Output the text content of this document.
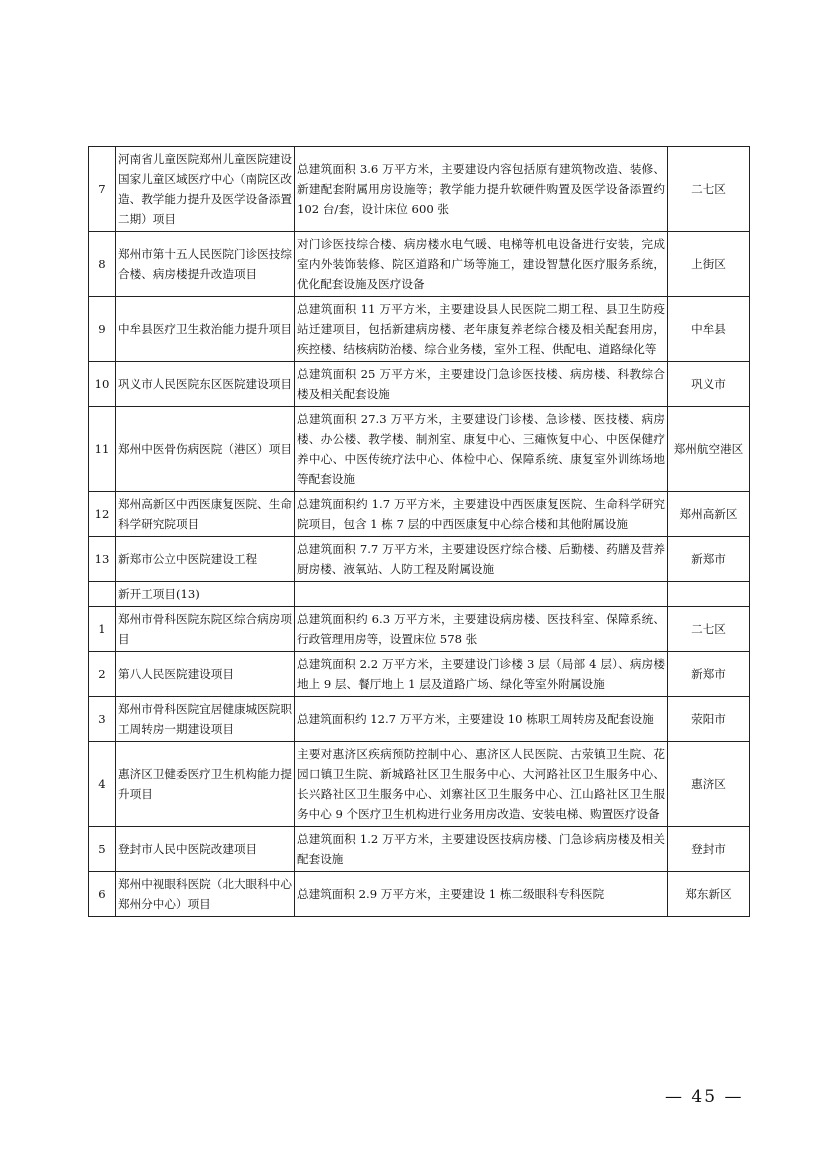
7	河南省儿童医院郑州儿童医院建设国家儿童区域医疗中心（南院区改造、教学能力提升及医学设备添置二期）项目	总建筑面积 3.6 万平方米，主要建设内容包括原有建筑物改造、装修、新建配套附属用房设施等；教学能力提升软硬件购置及医学设备添置约 102 台/套，设计床位 600 张	二七区
8	郑州市第十五人民医院门诊医技综合楼、病房楼提升改造项目	对门诊医技综合楼、病房楼水电气暖、电梯等机电设备进行安装，完成室内外装饰装修、院区道路和广场等施工，建设智慧化医疗服务系统，优化配套设施及医疗设备	上街区
9	中牟县医疗卫生救治能力提升项目	总建筑面积 11 万平方米，主要建设县人民医院二期工程、县卫生防疫站迁建项目，包括新建病房楼、老年康复养老综合楼及相关配套用房，疾控楼、结核病防治楼、综合业务楼，室外工程、供配电、道路绿化等	中牟县
10	巩义市人民医院东区医院建设项目	总建筑面积 25 万平方米，主要建设门急诊医技楼、病房楼、科教综合楼及相关配套设施	巩义市
11	郑州中医骨伤病医院（港区）项目	总建筑面积 27.3 万平方米，主要建设门诊楼、急诊楼、医技楼、病房楼、办公楼、教学楼、制剂室、康复中心、三瘫恢复中心、中医保健疗养中心、中医传统疗法中心、体检中心、保障系统、康复室外训练场地等配套设施	郑州航空港区
12	郑州高新区中西医康复医院、生命科学研究院项目	总建筑面积约 1.7 万平方米，主要建设中西医康复医院、生命科学研究院项目，包含 1 栋 7 层的中西医康复中心综合楼和其他附属设施	郑州高新区
13	新郑市公立中医院建设工程	总建筑面积 7.7 万平方米，主要建设医疗综合楼、后勤楼、药膳及营养厨房楼、液氧站、人防工程及附属设施	新郑市
	新开工项目(13)		
1	郑州市骨科医院东院区综合病房项目	总建筑面积约 6.3 万平方米，主要建设病房楼、医技科室、保障系统、行政管理用房等，设置床位 578 张	二七区
2	第八人民医院建设项目	总建筑面积 2.2 万平方米，主要建设门诊楼 3 层（局部 4 层）、病房楼地上 9 层、餐厅地上 1 层及道路广场、绿化等室外附属设施	新郑市
3	郑州市骨科医院宜居健康城医院职工周转房一期建设项目	总建筑面积约 12.7 万平方米，主要建设 10 栋职工周转房及配套设施	荥阳市
4	惠济区卫健委医疗卫生机构能力提升项目	主要对惠济区疾病预防控制中心、惠济区人民医院、古荥镇卫生院、花园口镇卫生院、新城路社区卫生服务中心、大河路社区卫生服务中心、长兴路社区卫生服务中心、刘寨社区卫生服务中心、江山路社区卫生服务中心 9 个医疗卫生机构进行业务用房改造、安装电梯、购置医疗设备	惠济区
5	登封市人民中医院改建项目	总建筑面积 1.2 万平方米，主要建设医技病房楼、门急诊病房楼及相关配套设施	登封市
6	郑州中视眼科医院（北大眼科中心郑州分中心）项目	总建筑面积 2.9 万平方米，主要建设 1 栋二级眼科专科医院	郑东新区
— 45 —
